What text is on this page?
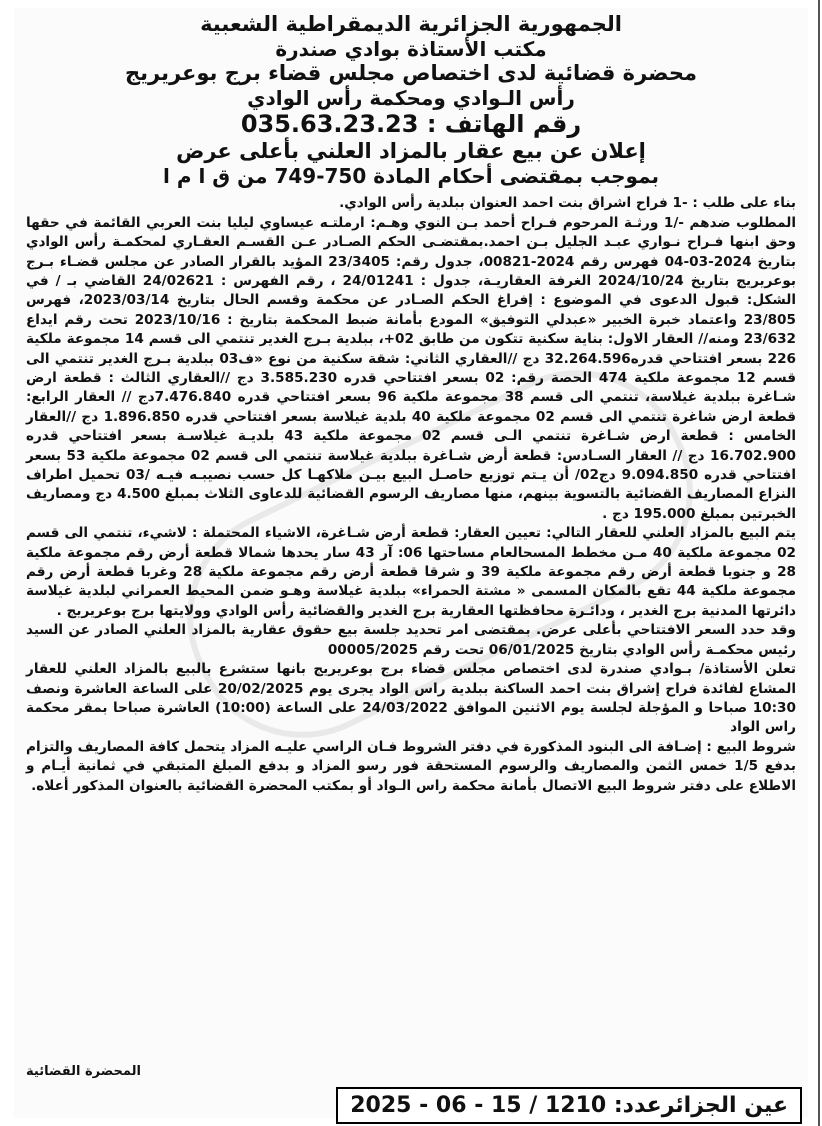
الجمهورية الجزائرية الديمقراطية الشعبية
مكتب الأستاذة بوادي صندرة
محضرة قضائية لدى اختصاص مجلس قضاء برج بوعريريج
رأس الـوادي ومحكمة رأس الوادي
رقم الهاتف : 035.63.23.23
إعلان عن بيع عقار بالمزاد العلني بأعلى عرض
بموجب بمقتضى أحكام المادة 750-749 من ق ا م ا

بناء على طلب : -1 فراح اشراق بنت احمد العنوان ببلدية رأس الوادي.

المطلوب ضدهم -/1 ورثـة المرحوم فـراح أحمد بـن النوي وهـم: ارملتـه عيساوي ليليا بنت العربي القائمة في حقها وحق ابنها فـراح نـواري عبـد الجليل بـن احمد.بمقتضـى الحكم الصـادر عـن القسـم العقـاري لمحكمـة رأس الوادي بتاريخ 2024-03-04 فهرس رقم 2024-00821، جدول رقم: 23/3405 المؤيد بالقرار الصادر عن مجلس قضـاء بـرج بوعريريج بتاريخ 2024/10/24 الغرفة العقاريـة، جدول : 24/01241 ، رقم الفهرس : 24/02621 القاضي بـ / في الشكل: قبول الدعوى في الموضوع : إفراغ الحكم الصـادر عن محكمة وقسم الحال بتاريخ 2023/03/14، فهرس 23/805 واعتماد خبرة الخبير «عبدلي التوفيق» المودع بأمانة ضبط المحكمة بتاريخ : 2023/10/16 تحت رقم ايداع 23/632 ومنه// العقار الاول: بناية سكنية تتكون من طابق 02+، ببلدية بـرج الغدير تنتمي الى قسم 14 مجموعة ملكية 226 بسعر افتتاحي قدره32.264.596 دج //العقاري الثاني: شقة سكنية من نوع «ف03 ببلدية بـرج الغدير تنتمي الى قسم 12 مجموعة ملكية 474 الحصة رقم: 02 بسعر افتتاحي قدره 3.585.230 دج //العقاري الثالث : قطعة ارض شـاغرة ببلدية غيلاسة، تنتمي الى قسم 38 مجموعة ملكية 96 بسعر افتتاحي قدره 7.476.840دج // العقار الرابع: قطعة ارض شاغرة تنتمي الى قسم 02 مجموعة ملكية 40 بلدية غيلاسة بسعر افتتاحي قدره 1.896.850 دج //العقار الخامس : قطعة ارض شـاغرة تنتمي الـى قسم 02 مجموعة ملكية 43 بلديـة غيلاسـة بسعر افتتاحي قدره 16.702.900 دج // العقار السـادس: قطعة أرض شـاغرة ببلدية غيلاسة تنتمي الى قسم 02 مجموعة ملكية 53 بسعر افتتاحي قدره 9.094.850 دج02/ أن يـتم توزيع حاصـل البيع بيـن ملاكهـا كل حسب نصيبـه فيـه /03 تحميل اطراف النزاع المصاريف القضائية بالتسوية بينهم، منها مصاريف الرسوم القضائية للدعاوى الثلاث بمبلغ 4.500 دج ومصاريف الخبرتين بمبلغ 195.000 دج .

يتم البيع بالمزاد العلني للعقار التالي: تعيين العقار: قطعة أرض شـاغرة، الاشياء المحتملة : لاشيء، تنتمي الى قسم 02 مجموعة ملكية 40 مـن مخطط المسحالعام مساحتها 06: آر 43 سار يحدها شمالا قطعة أرض رقم مجموعة ملكية 28 و جنوبا قطعة أرض رقم مجموعة ملكية 39 و شرقا قطعة أرض رقم مجموعة ملكية 28 وغربا قطعة أرض رقم مجموعة ملكية 44 تقع بالمكان المسمى « مشتة الحمراء» ببلدية غيلاسة وهـو ضمن المحيط العمراني لبلدية غيلاسة دائرتها المدنية برج الغدير ، ودائـرة محافظتها العقارية برج الغدير والقضائية رأس الوادي وولايتها برج بوعريريج .

وقد حدد السعر الافتتاحي بأعلى عرض. بمقتضى امر تحديد جلسة بيع حقوق عقارية بالمزاد العلني الصادر عن السيد رئيس محكمـة رأس الوادي بتاريخ 06/01/2025 تحت رقم 00005/2025

تعلن الأستاذة/ بـوادي صندرة لدى اختصاص مجلس قضاء برج بوعريريج بانها ستشرع بالبيع بالمزاد العلني للعقار المشاع لفائدة فراح إشراق بنت احمد الساكنة ببلدية راس الواد يجرى يوم 20/02/2025 على الساعة العاشرة ونصف 10:30 صباحا و المؤجلة لجلسة يوم الاثنين الموافق 24/03/2022 على الساعة (10:00) العاشرة صباحا بمقر محكمة راس الواد

شروط البيع : إضـافة الى البنود المذكورة في دفتر الشروط فـان الراسي عليـه المزاد يتحمل كافة المصاريف والتزام بدفع 1/5 خمس الثمن والمصاريف والرسوم المستحقة فور رسو المزاد و بدفع المبلغ المتبقي في ثمانية أيـام و الاطلاع على دفتر شروط البيع الاتصال بأمانة محكمة راس الـواد أو بمكتب المحضرة القضائية بالعنوان المذكور أعلاه.

المحضرة القضائية
عين الجزائرعدد: 1210 / 15 - 06 - 2025
